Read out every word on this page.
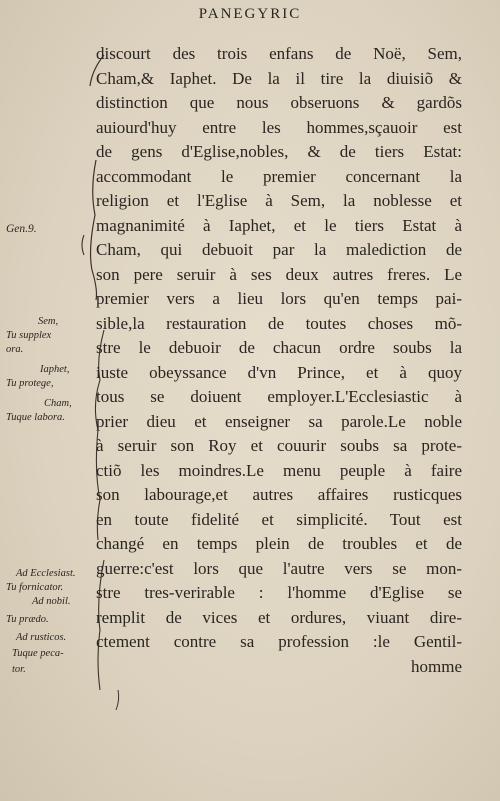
PANEGYRIC
Gen.9.
Sem,
Tu supplex
ora.
Iaphet,
Tu protege,
Cham,
Tuque labora.
Ad Ecclesiast.
Tu fornicator.
Ad nobil.
Tu prædo.
Ad rusticos.
Tuque peca-
tor.
discourt des trois enfans de Noë, Sem,
Cham,& Iaphet. De la il tire la diuisiõ &
distinction que nous obseruons & gardõs
auiourd'huy entre les hommes,sçauoir est
de gens d'Eglise,nobles, & de tiers Estat:
accommodant le premier concernant la
religion et l'Eglise à Sem, la noblesse et
magnanimité à Iaphet, et le tiers Estat à
Cham, qui debuoit par la malediction de
son pere seruir à ses deux autres freres. Le
premier vers a lieu lors qu'en temps pai-
sible,la restauration de toutes choses mõ-
stre le debuoir de chacun ordre soubs la
iuste obeyssance d'vn Prince, et à quoy
tous se doiuent employer.L'Ecclesiastic à
prier dieu et enseigner sa parole.Le noble
à seruir son Roy et couurir soubs sa prote-
ctiõ les moindres.Le menu peuple à faire
son labourage,et autres affaires rusticques
en toute fidelité et simplicité. Tout est
changé en temps plein de troubles et de
guerre:c'est lors que l'autre vers se mon-
stre tres-verirable : l'homme d'Eglise se
remplit de vices et ordures, viuant dire-
ctement contre sa profession :le Gentil-
homme
